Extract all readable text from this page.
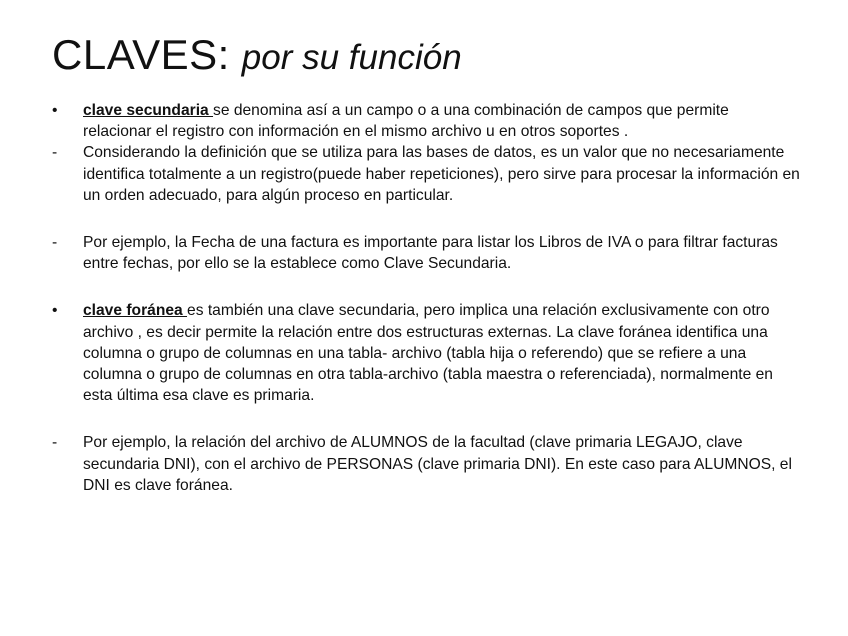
CLAVES: por su función
•	clave secundaria se denomina así a un campo o a una combinación de campos que permite relacionar el registro con información en el mismo archivo u en otros soportes .
-	Considerando la definición que se utiliza para las bases de datos, es un valor que no necesariamente identifica totalmente a un registro(puede haber repeticiones), pero sirve para procesar la información en un orden adecuado, para algún proceso en particular.
-	Por ejemplo, la Fecha de una factura es importante para listar los Libros de IVA o para filtrar facturas entre fechas, por ello se la establece como Clave Secundaria.
•	clave foránea es también una clave secundaria, pero implica una relación exclusivamente con otro archivo , es decir permite la relación entre dos estructuras externas. La clave foránea identifica una columna o grupo de columnas en una tabla- archivo (tabla hija o referendo) que se refiere a una columna o grupo de columnas en otra tabla-archivo (tabla maestra o referenciada), normalmente en esta última esa clave es primaria.
-	Por ejemplo, la relación del archivo de ALUMNOS de la facultad (clave primaria LEGAJO, clave secundaria DNI), con el archivo de PERSONAS (clave primaria DNI). En este caso para ALUMNOS, el DNI es clave foránea.
